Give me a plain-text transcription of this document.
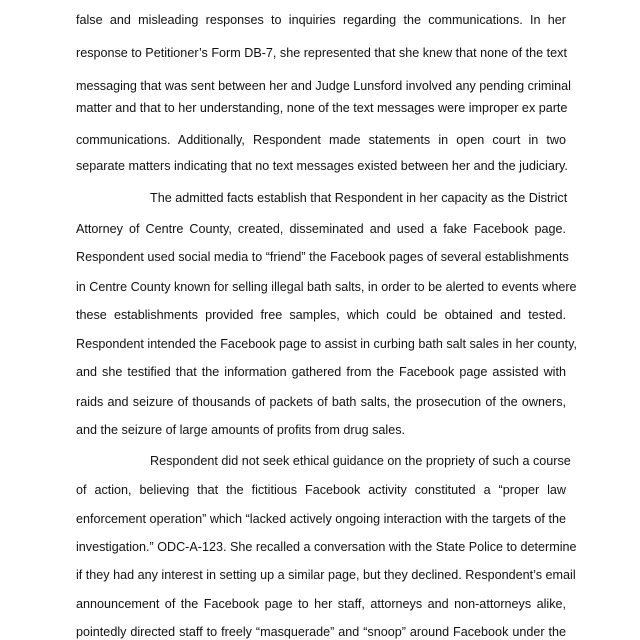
false and misleading responses to inquiries regarding the communications. In her
response to Petitioner’s Form DB-7, she represented that she knew that none of the text
messaging that was sent between her and Judge Lunsford involved any pending criminal
matter and that to her understanding, none of the text messages were improper ex parte
communications. Additionally, Respondent made statements in open court in two
separate matters indicating that no text messages existed between her and the judiciary.
The admitted facts establish that Respondent in her capacity as the District
Attorney of Centre County, created, disseminated and used a fake Facebook page.
Respondent used social media to “friend” the Facebook pages of several establishments
in Centre County known for selling illegal bath salts, in order to be alerted to events where
these establishments provided free samples, which could be obtained and tested.
Respondent intended the Facebook page to assist in curbing bath salt sales in her county,
and she testified that the information gathered from the Facebook page assisted with
raids and seizure of thousands of packets of bath salts, the prosecution of the owners,
and the seizure of large amounts of profits from drug sales.
Respondent did not seek ethical guidance on the propriety of such a course
of action, believing that the fictitious Facebook activity constituted a “proper law
enforcement operation” which “lacked actively ongoing interaction with the targets of the
investigation.” ODC-A-123. She recalled a conversation with the State Police to determine
if they had any interest in setting up a similar page, but they declined. Respondent’s email
announcement of the Facebook page to her staff, attorneys and non-attorneys alike,
pointedly directed staff to freely “masquerade” and “snoop” around Facebook under the
